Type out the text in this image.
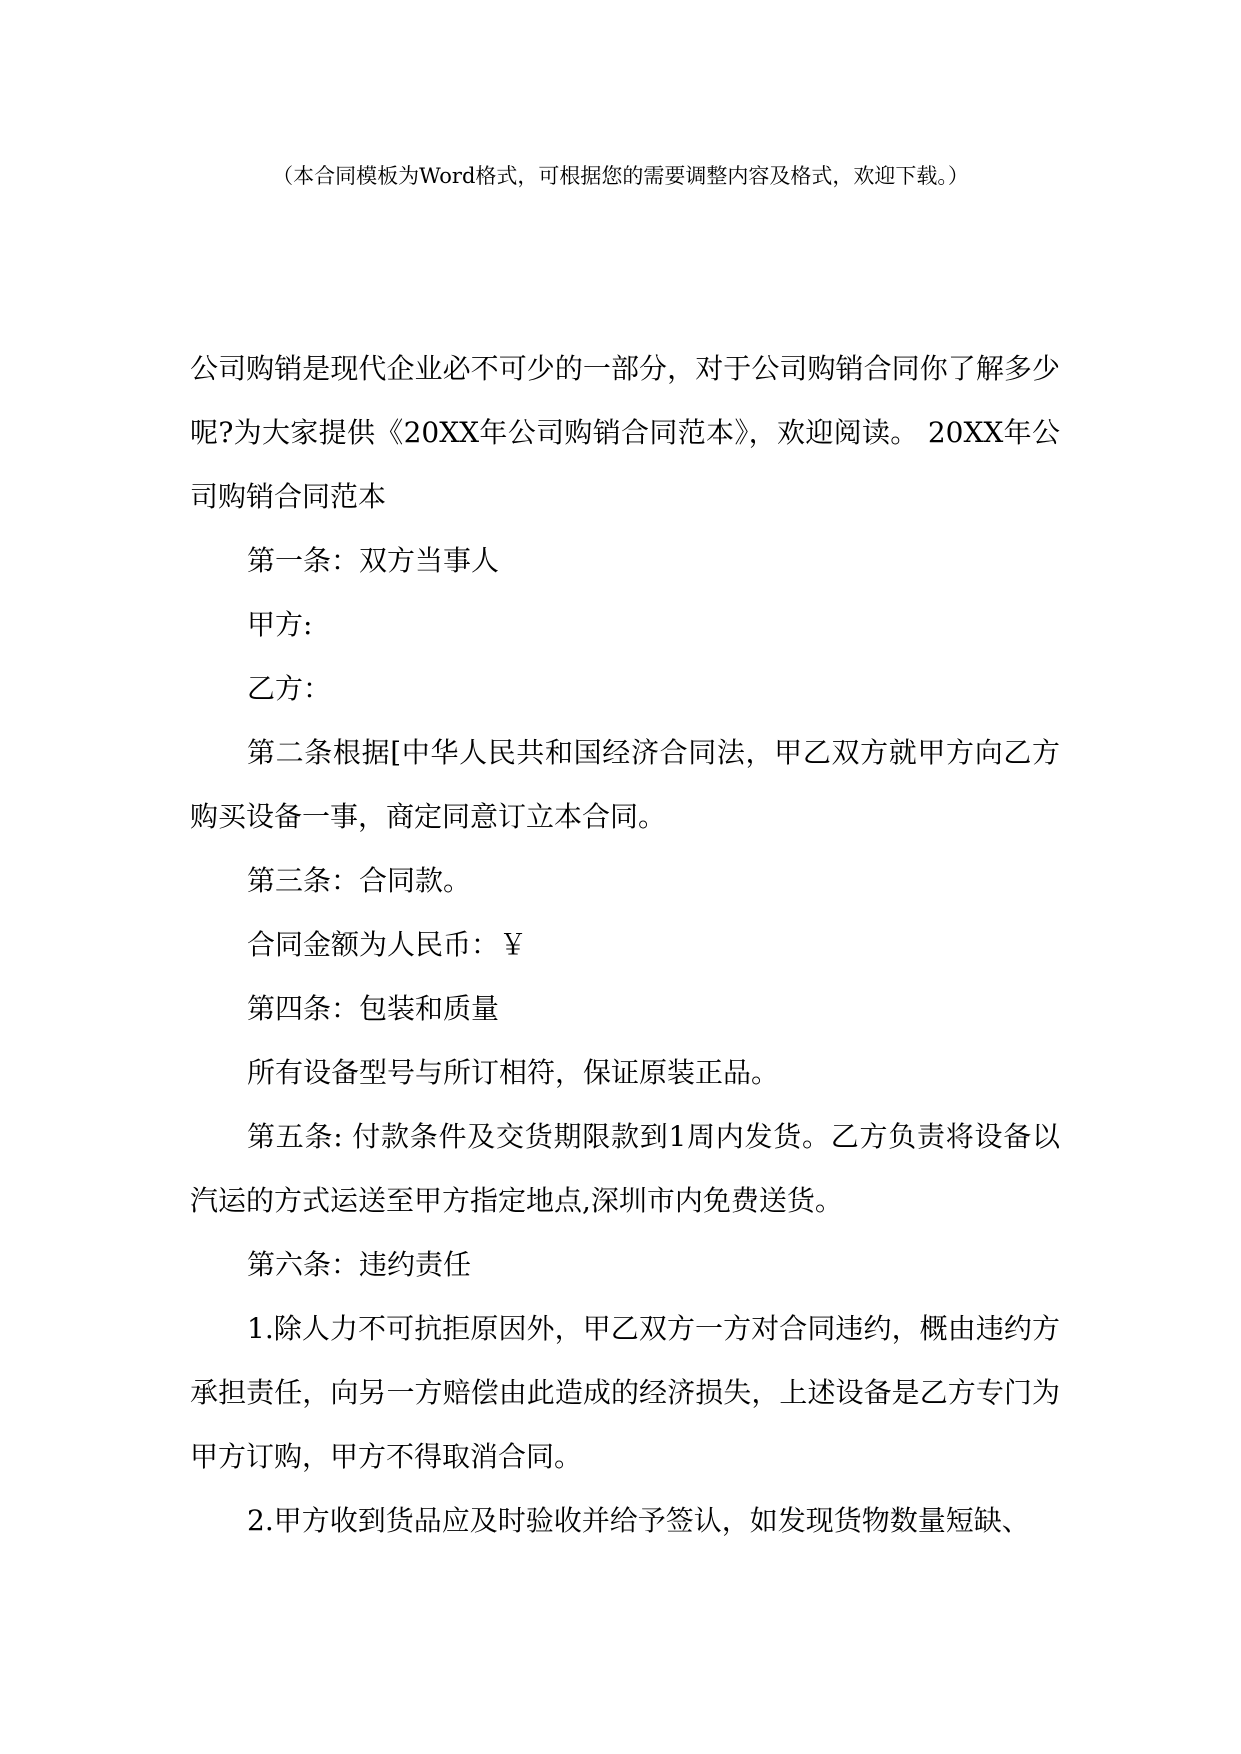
（本合同模板为Word格式，可根据您的需要调整内容及格式，欢迎下载。）

公司购销是现代企业必不可少的一部分，对于公司购销合同你了解多少呢?为大家提供《20XX年公司购销合同范本》，欢迎阅读。 20XX年公司购销合同范本

第一条：双方当事人

甲方:

乙方：

第二条根据[中华人民共和国经济合同法，甲乙双方就甲方向乙方购买设备一事，商定同意订立本合同。

第三条：合同款。

合同金额为人民币：￥

第四条：包装和质量

所有设备型号与所订相符，保证原装正品。

第五条: 付款条件及交货期限款到1周内发货。乙方负责将设备以汽运的方式运送至甲方指定地点,深圳市内免费送货。

第六条：违约责任

1.除人力不可抗拒原因外，甲乙双方一方对合同违约，概由违约方承担责任，向另一方赔偿由此造成的经济损失，上述设备是乙方专门为甲方订购，甲方不得取消合同。

2.甲方收到货品应及时验收并给予签认，如发现货物数量短缺、
